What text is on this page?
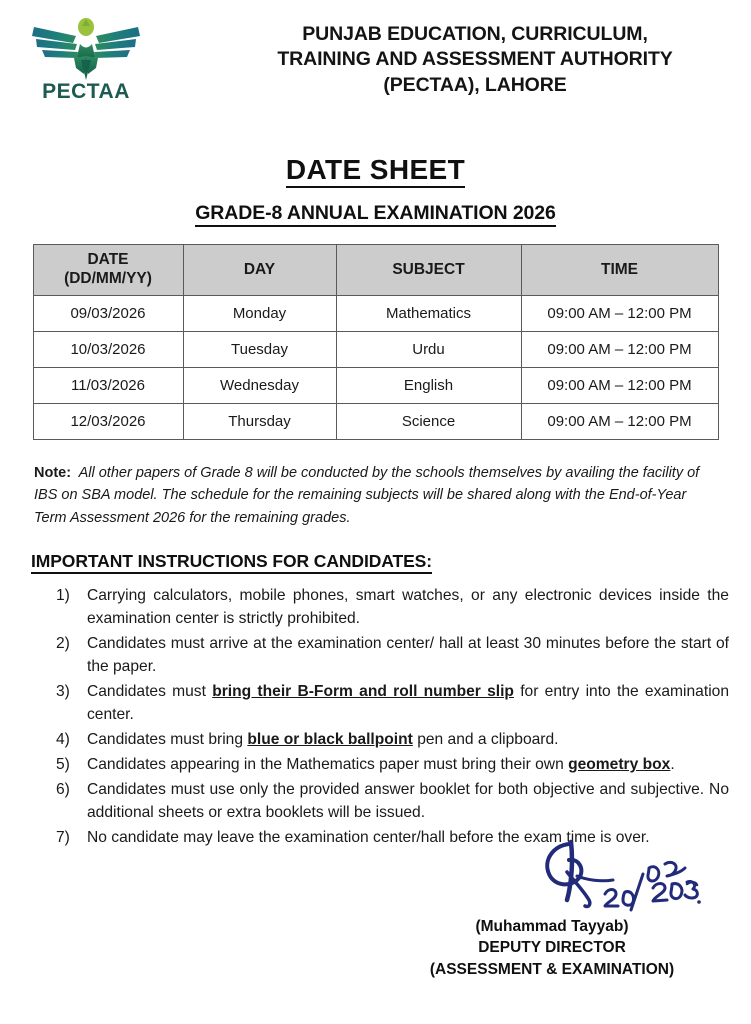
PECTAA
PUNJAB EDUCATION, CURRICULUM,
TRAINING AND ASSESSMENT AUTHORITY
(PECTAA), LAHORE
DATE SHEET
GRADE-8 ANNUAL EXAMINATION 2026
DATE
(DD/MM/YY)	DAY	SUBJECT	TIME
09/03/2026	Monday	Mathematics	09:00 AM – 12:00 PM
10/03/2026	Tuesday	Urdu	09:00 AM – 12:00 PM
11/03/2026	Wednesday	English	09:00 AM – 12:00 PM
12/03/2026	Thursday	Science	09:00 AM – 12:00 PM

Note: All other papers of Grade 8 will be conducted by the schools themselves by availing the facility of IBS on SBA model. The schedule for the remaining subjects will be shared along with the End-of-Year Term Assessment 2026 for the remaining grades.

IMPORTANT INSTRUCTIONS FOR CANDIDATES:
1)	Carrying calculators, mobile phones, smart watches, or any electronic devices inside the examination center is strictly prohibited.
2)	Candidates must arrive at the examination center/ hall at least 30 minutes before the start of the paper.
3)	Candidates must bring their B-Form and roll number slip for entry into the examination center.
4)	Candidates must bring blue or black ballpoint pen and a clipboard.
5)	Candidates appearing in the Mathematics paper must bring their own geometry box.
6)	Candidates must use only the provided answer booklet for both objective and subjective. No additional sheets or extra booklets will be issued.
7)	No candidate may leave the examination center/hall before the exam time is over.
(Muhammad Tayyab)
DEPUTY DIRECTOR
(ASSESSMENT & EXAMINATION)
